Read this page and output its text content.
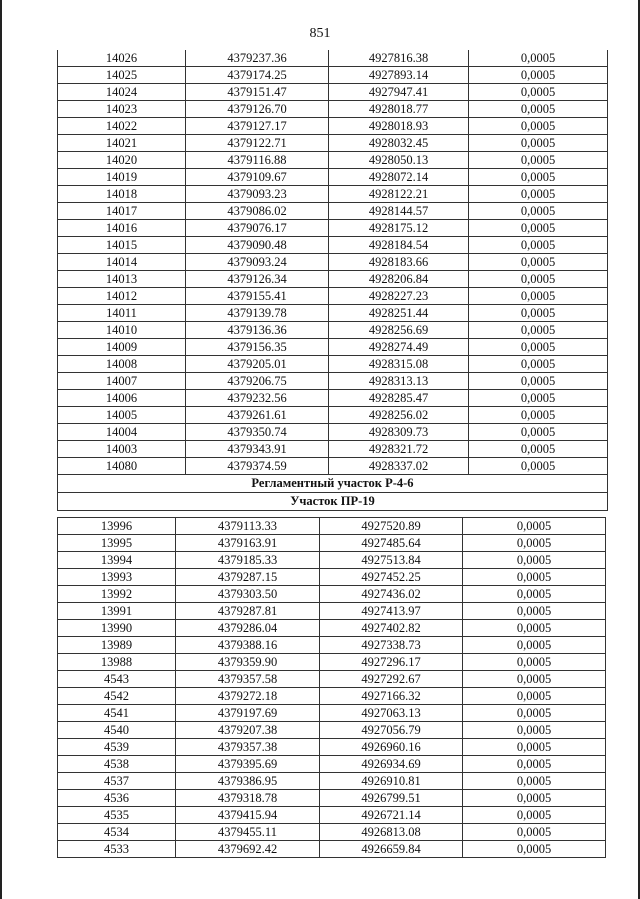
851
14026	4379237.36	4927816.38	0,0005
14025	4379174.25	4927893.14	0,0005
14024	4379151.47	4927947.41	0,0005
14023	4379126.70	4928018.77	0,0005
14022	4379127.17	4928018.93	0,0005
14021	4379122.71	4928032.45	0,0005
14020	4379116.88	4928050.13	0,0005
14019	4379109.67	4928072.14	0,0005
14018	4379093.23	4928122.21	0,0005
14017	4379086.02	4928144.57	0,0005
14016	4379076.17	4928175.12	0,0005
14015	4379090.48	4928184.54	0,0005
14014	4379093.24	4928183.66	0,0005
14013	4379126.34	4928206.84	0,0005
14012	4379155.41	4928227.23	0,0005
14011	4379139.78	4928251.44	0,0005
14010	4379136.36	4928256.69	0,0005
14009	4379156.35	4928274.49	0,0005
14008	4379205.01	4928315.08	0,0005
14007	4379206.75	4928313.13	0,0005
14006	4379232.56	4928285.47	0,0005
14005	4379261.61	4928256.02	0,0005
14004	4379350.74	4928309.73	0,0005
14003	4379343.91	4928321.72	0,0005
14080	4379374.59	4928337.02	0,0005
Регламентный участок Р-4-6			
Участок ПР-19			
13996	4379113.33	4927520.89	0,0005
13995	4379163.91	4927485.64	0,0005
13994	4379185.33	4927513.84	0,0005
13993	4379287.15	4927452.25	0,0005
13992	4379303.50	4927436.02	0,0005
13991	4379287.81	4927413.97	0,0005
13990	4379286.04	4927402.82	0,0005
13989	4379388.16	4927338.73	0,0005
13988	4379359.90	4927296.17	0,0005
4543	4379357.58	4927292.67	0,0005
4542	4379272.18	4927166.32	0,0005
4541	4379197.69	4927063.13	0,0005
4540	4379207.38	4927056.79	0,0005
4539	4379357.38	4926960.16	0,0005
4538	4379395.69	4926934.69	0,0005
4537	4379386.95	4926910.81	0,0005
4536	4379318.78	4926799.51	0,0005
4535	4379415.94	4926721.14	0,0005
4534	4379455.11	4926813.08	0,0005
4533	4379692.42	4926659.84	0,0005
